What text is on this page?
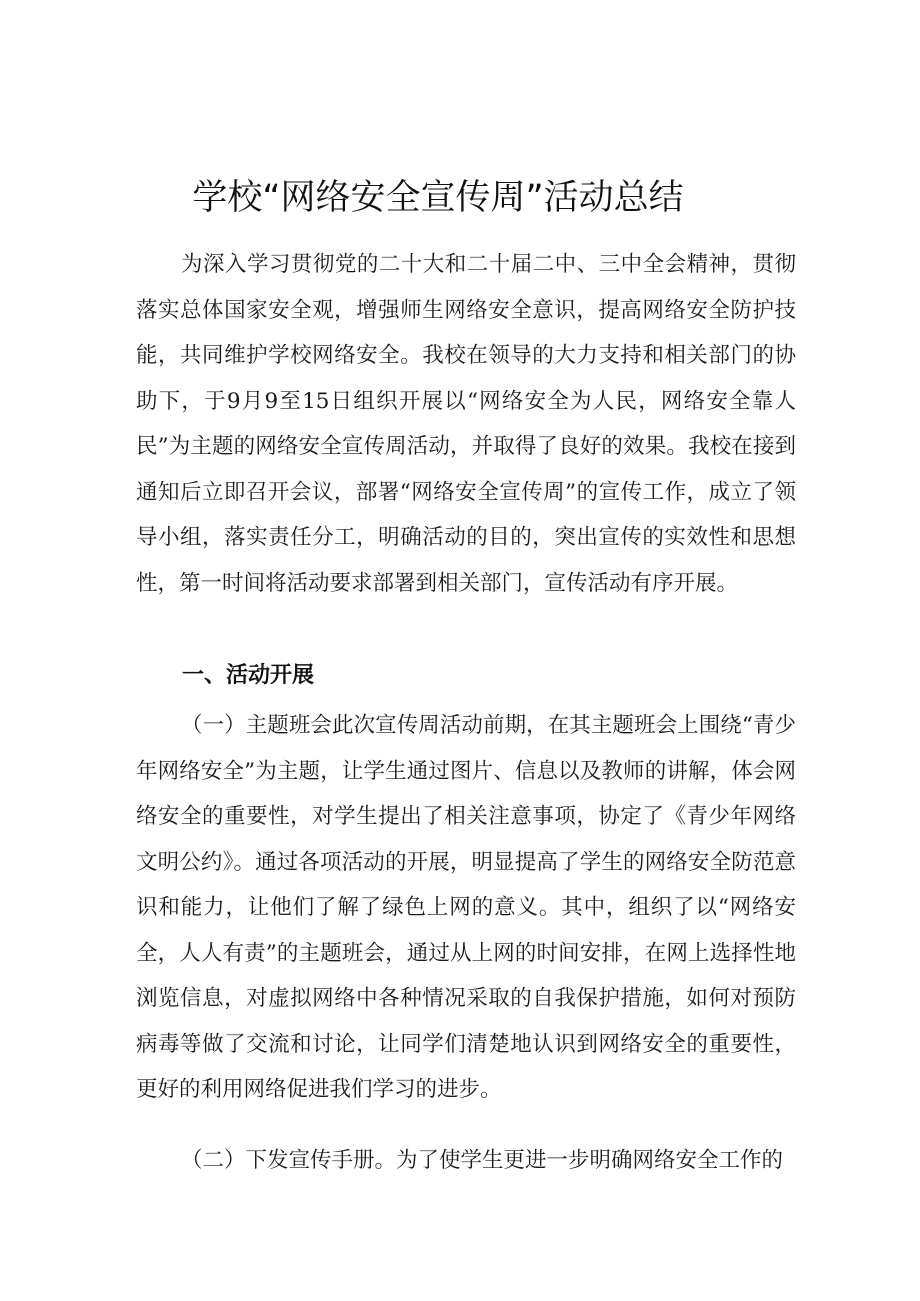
学校“网络安全宣传周”活动总结

为深入学习贯彻党的二十大和二十届二中、三中全会精神，贯彻落实总体国家安全观，增强师生网络安全意识，提高网络安全防护技能，共同维护学校网络安全。我校在领导的大力支持和相关部门的协助下，于9月9至15日组织开展以“网络安全为人民，网络安全靠人民”为主题的网络安全宣传周活动，并取得了良好的效果。我校在接到通知后立即召开会议，部署“网络安全宣传周”的宣传工作，成立了领导小组，落实责任分工，明确活动的目的，突出宣传的实效性和思想性，第一时间将活动要求部署到相关部门，宣传活动有序开展。

一、活动开展

（一）主题班会此次宣传周活动前期，在其主题班会上围绕“青少年网络安全”为主题，让学生通过图片、信息以及教师的讲解，体会网络安全的重要性，对学生提出了相关注意事项，协定了《青少年网络文明公约》。通过各项活动的开展，明显提高了学生的网络安全防范意识和能力，让他们了解了绿色上网的意义。其中，组织了以“网络安全，人人有责”的主题班会，通过从上网的时间安排，在网上选择性地浏览信息，对虚拟网络中各种情况采取的自我保护措施，如何对预防病毒等做了交流和讨论，让同学们清楚地认识到网络安全的重要性，更好的利用网络促进我们学习的进步。

（二）下发宣传手册。为了使学生更进一步明确网络安全工作的
